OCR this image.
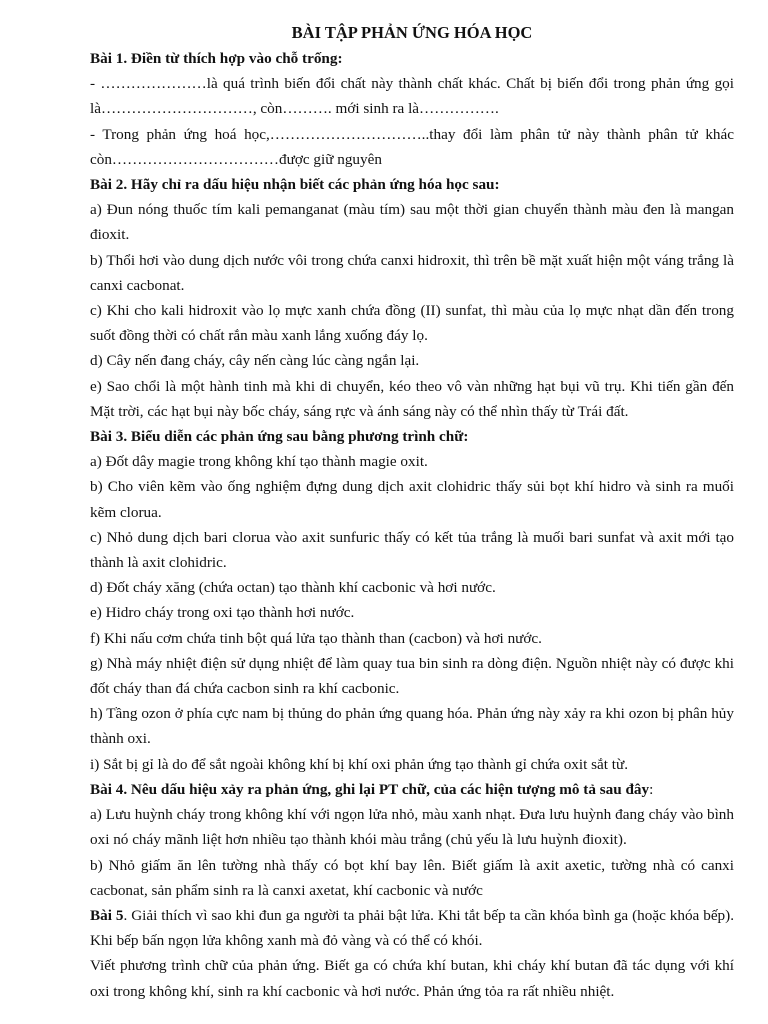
BÀI TẬP PHẢN ỨNG HÓA HỌC
Bài 1. Điền từ thích hợp vào chỗ trống:
- …………………là quá trình biến đổi chất này thành chất khác. Chất bị biến đổi trong phản ứng gọi là…………………………, còn………. mới sinh ra là…………….
- Trong phản ứng hoá học,…………………………..thay đổi làm phân tử này thành phân tử khác còn……………………………được giữ nguyên
Bài 2. Hãy chỉ ra dấu hiệu nhận biết các phản ứng hóa học sau:
a) Đun nóng thuốc tím kali pemanganat (màu tím) sau một thời gian chuyển thành màu đen là mangan đioxit.
b) Thổi hơi vào dung dịch nước vôi trong chứa canxi hidroxit, thì trên bề mặt xuất hiện một váng trắng là canxi cacbonat.
c) Khi cho kali hidroxit vào lọ mực xanh chứa đồng (II) sunfat, thì màu của lọ mực nhạt dần đến trong suốt đồng thời có chất rắn màu xanh lắng xuống đáy lọ.
d) Cây nến đang cháy, cây nến càng lúc càng ngắn lại.
e) Sao chổi là một hành tinh mà khi di chuyển, kéo theo vô vàn những hạt bụi vũ trụ. Khi tiến gần đến Mặt trời, các hạt bụi này bốc cháy, sáng rực và ánh sáng này có thể nhìn thấy từ Trái đất.
Bài 3. Biểu diễn các phản ứng sau bằng phương trình chữ:
a) Đốt dây magie trong không khí tạo thành magie oxit.
b) Cho viên kẽm vào ống nghiệm đựng dung dịch axit clohidric thấy sủi bọt khí hidro và sinh ra muối kẽm clorua.
c) Nhỏ dung dịch bari clorua vào axit sunfuric thấy có kết tủa trắng là muối bari sunfat và axit mới tạo thành là axit clohidric.
d) Đốt cháy xăng (chứa octan) tạo thành khí cacbonic và hơi nước.
e) Hidro cháy trong oxi tạo thành hơi nước.
f) Khi nấu cơm chứa tinh bột quá lửa tạo thành than (cacbon) và hơi nước.
g) Nhà máy nhiệt điện sử dụng nhiệt để làm quay tua bin sinh ra dòng điện. Nguồn nhiệt này có được khi đốt cháy than đá chứa cacbon sinh ra khí cacbonic.
h) Tầng ozon ở phía cực nam bị thủng do phản ứng quang hóa. Phản ứng này xảy ra khi ozon bị phân hủy thành oxi.
i) Sắt bị gỉ là do để sắt ngoài không khí bị khí oxi phản ứng tạo thành gỉ chứa oxit sắt từ.
Bài 4. Nêu dấu hiệu xảy ra phản ứng, ghi lại PT chữ, của các hiện tượng mô tả sau đây:
a) Lưu huỳnh cháy trong không khí với ngọn lửa nhỏ, màu xanh nhạt. Đưa lưu huỳnh đang cháy vào bình oxi nó cháy mãnh liệt hơn nhiều tạo thành khói màu trắng (chủ yếu là lưu huỳnh đioxit).
b) Nhỏ giấm ăn lên tường nhà thấy có bọt khí bay lên. Biết giấm là axit axetic, tường nhà có canxi cacbonat, sản phẩm sinh ra là canxi axetat, khí cacbonic và nước
Bài 5. Giải thích vì sao khi đun ga người ta phải bật lửa. Khi tắt bếp ta cần khóa bình ga (hoặc khóa bếp). Khi bếp bấn ngọn lửa không xanh mà đỏ vàng và có thể có khói.
Viết phương trình chữ của phản ứng. Biết ga có chứa khí butan, khi cháy khí butan đã tác dụng với khí oxi trong không khí, sinh ra khí cacbonic và hơi nước. Phản ứng tỏa ra rất nhiều nhiệt.
